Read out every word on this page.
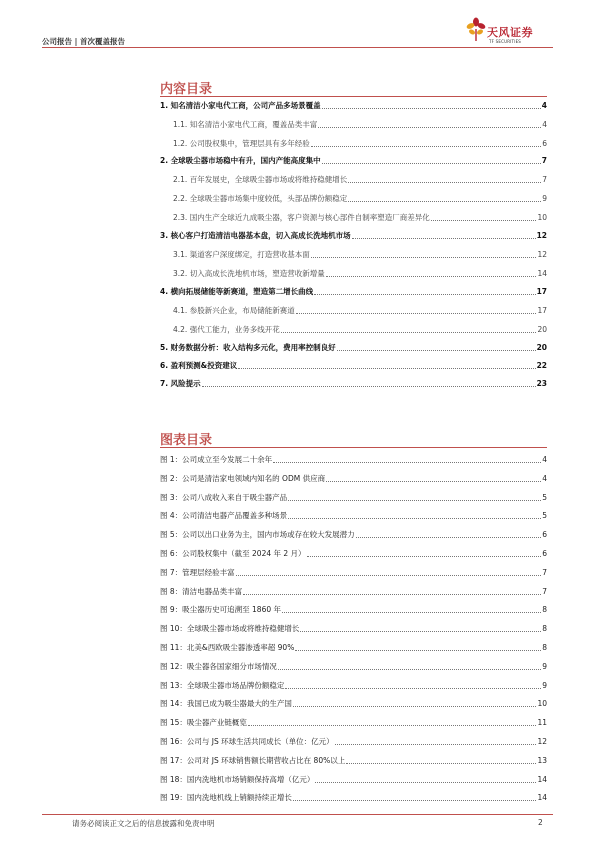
公司报告 | 首次覆盖报告
天风证券
TF SECURITIES
内容目录
1. 知名清洁小家电代工商，公司产品多场景覆盖	4
1.1. 知名清洁小家电代工商，覆盖品类丰富	4
1.2. 公司股权集中，管理层具有多年经验	6
2. 全球吸尘器市场稳中有升，国内产能高度集中	7
2.1. 百年发展史，全球吸尘器市场或将维持稳健增长	7
2.2. 全球吸尘器市场集中度较低，头部品牌份额稳定	9
2.3. 国内生产全球近九成吸尘器，客户资源与核心部件自制率塑造厂商差异化	10
3. 核心客户打造清洁电器基本盘，切入高成长洗地机市场	12
3.1. 渠道客户深度绑定，打造营收基本面	12
3.2. 切入高成长洗地机市场，塑造营收新增量	14
4. 横向拓展储能等新赛道，塑造第二增长曲线	17
4.1. 参股新兴企业，布局储能新赛道	17
4.2. 强代工能力，业务多线开花	20
5. 财务数据分析：收入结构多元化，费用率控制良好	20
6. 盈利预测&投资建议	22
7. 风险提示	23
图表目录
图 1：公司成立至今发展二十余年	4
图 2：公司是清洁家电领域内知名的 ODM 供应商	4
图 3：公司八成收入来自于吸尘器产品	5
图 4：公司清洁电器产品覆盖多种场景	5
图 5：公司以出口业务为主，国内市场或存在较大发展潜力	6
图 6：公司股权集中（截至 2024 年 2 月）	6
图 7：管理层经验丰富	7
图 8：清洁电器品类丰富	7
图 9：吸尘器历史可追溯至 1860 年	8
图 10：全球吸尘器市场或将维持稳健增长	8
图 11：北美&西欧吸尘器渗透率超 90%	8
图 12：吸尘器各国家细分市场情况	9
图 13：全球吸尘器市场品牌份额稳定	9
图 14：我国已成为吸尘器最大的生产国	10
图 15：吸尘器产业链概览	11
图 16：公司与 JS 环球生活共同成长（单位：亿元）	12
图 17：公司对 JS 环球销售额长期营收占比在 80%以上	13
图 18：国内洗地机市场销额保持高增（亿元）	14
图 19：国内洗地机线上销额持续正增长	14
请务必阅读正文之后的信息披露和免责申明	2
